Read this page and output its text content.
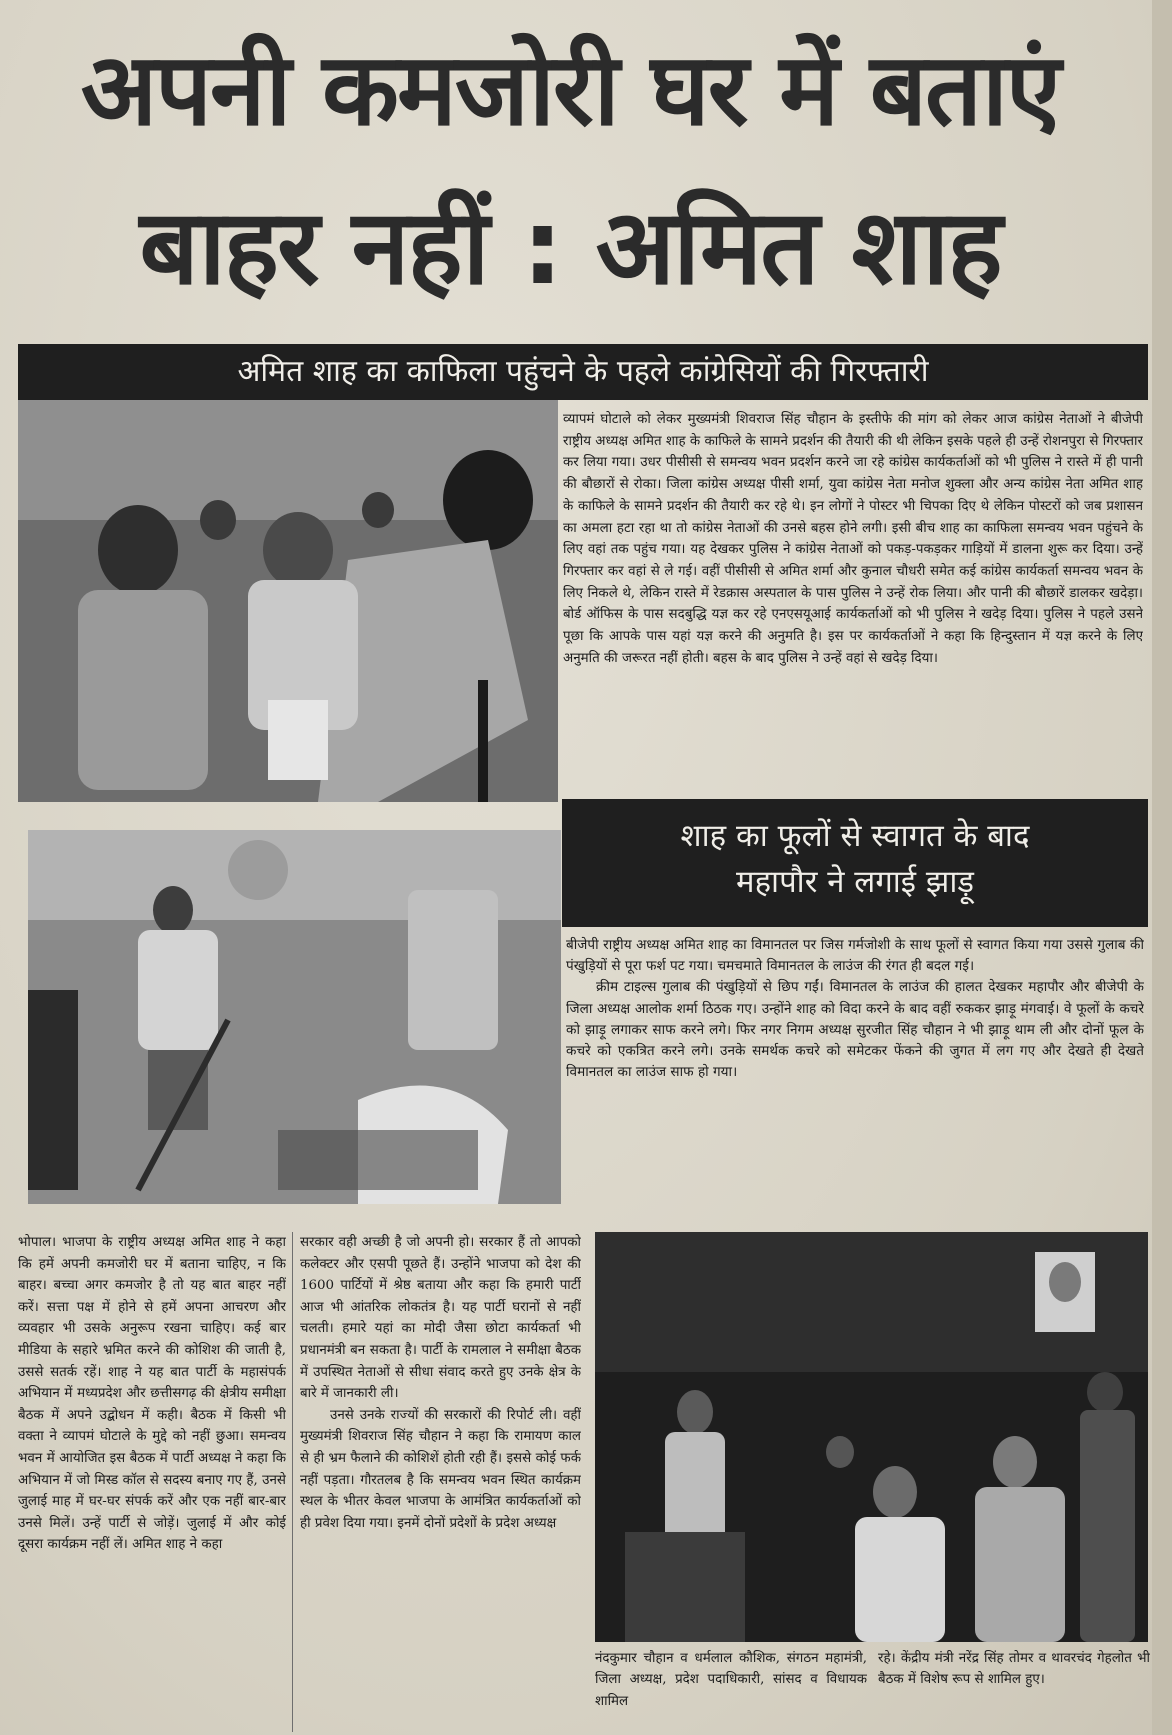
अपनी कमजोरी घर में बताएं
बाहर नहीं : अमित शाह
अमित शाह का काफिला पहुंचने के पहले कांग्रेसियों की गिरफ्तारी
व्यापमं घोटाले को लेकर मुख्यमंत्री शिवराज सिंह चौहान के इस्तीफे की मांग को लेकर आज कांग्रेस नेताओं ने बीजेपी राष्ट्रीय अध्यक्ष अमित शाह के काफिले के सामने प्रदर्शन की तैयारी की थी लेकिन इसके पहले ही उन्हें रोशनपुरा से गिरफ्तार कर लिया गया। उधर पीसीसी से समन्वय भवन प्रदर्शन करने जा रहे कांग्रेस कार्यकर्ताओं को भी पुलिस ने रास्ते में ही पानी की बौछारों से रोका। जिला कांग्रेस अध्यक्ष पीसी शर्मा, युवा कांग्रेस नेता मनोज शुक्ला और अन्य कांग्रेस नेता अमित शाह के काफिले के सामने प्रदर्शन की तैयारी कर रहे थे। इन लोगों ने पोस्टर भी चिपका दिए थे लेकिन पोस्टरों को जब प्रशासन का अमला हटा रहा था तो कांग्रेस नेताओं की उनसे बहस होने लगी। इसी बीच शाह का काफिला समन्वय भवन पहुंचने के लिए वहां तक पहुंच गया। यह देखकर पुलिस ने कांग्रेस नेताओं को पकड़-पकड़कर गाड़ियों में डालना शुरू कर दिया। उन्हें गिरफ्तार कर वहां से ले गई। वहीं पीसीसी से अमित शर्मा और कुनाल चौधरी समेत कई कांग्रेस कार्यकर्ता समन्वय भवन के लिए निकले थे, लेकिन रास्ते में रेडक्रास अस्पताल के पास पुलिस ने उन्हें रोक लिया। और पानी की बौछारें डालकर खदेड़ा। बोर्ड ऑफिस के पास सदबुद्धि यज्ञ कर रहे एनएसयूआई कार्यकर्ताओं को भी पुलिस ने खदेड़ दिया। पुलिस ने पहले उसने पूछा कि आपके पास यहां यज्ञ करने की अनुमति है। इस पर कार्यकर्ताओं ने कहा कि हिन्दुस्तान में यज्ञ करने के लिए अनुमति की जरूरत नहीं होती। बहस के बाद पुलिस ने उन्हें वहां से खदेड़ दिया।
शाह का फूलों से स्वागत के बाद
महापौर ने लगाई झाड़ू

बीजेपी राष्ट्रीय अध्यक्ष अमित शाह का विमानतल पर जिस गर्मजोशी के साथ फूलों से स्वागत किया गया उससे गुलाब की पंखुड़ियों से पूरा फर्श पट गया। चमचमाते विमानतल के लाउंज की रंगत ही बदल गई।

क्रीम टाइल्स गुलाब की पंखुड़ियों से छिप गईं। विमानतल के लाउंज की हालत देखकर महापौर और बीजेपी के जिला अध्यक्ष आलोक शर्मा ठिठक गए। उन्होंने शाह को विदा करने के बाद वहीं रुककर झाड़ू मंगवाई। वे फूलों के कचरे को झाड़ू लगाकर साफ करने लगे। फिर नगर निगम अध्यक्ष सुरजीत सिंह चौहान ने भी झाड़ू थाम ली और दोनों फूल के कचरे को एकत्रित करने लगे। उनके समर्थक कचरे को समेटकर फेंकने की जुगत में लग गए और देखते ही देखते विमानतल का लाउंज साफ हो गया।

भोपाल। भाजपा के राष्ट्रीय अध्यक्ष अमित शाह ने कहा कि हमें अपनी कमजोरी घर में बताना चाहिए, न कि बाहर। बच्चा अगर कमजोर है तो यह बात बाहर नहीं करें। सत्ता पक्ष में होने से हमें अपना आचरण और व्यवहार भी उसके अनुरूप रखना चाहिए। कई बार मीडिया के सहारे भ्रमित करने की कोशिश की जाती है, उससे सतर्क रहें। शाह ने यह बात पार्टी के महासंपर्क अभियान में मध्यप्रदेश और छत्तीसगढ़ की क्षेत्रीय समीक्षा बैठक में अपने उद्बोधन में कही। बैठक में किसी भी वक्ता ने व्यापमं घोटाले के मुद्दे को नहीं छुआ। समन्वय भवन में आयोजित इस बैठक में पार्टी अध्यक्ष ने कहा कि अभियान में जो मिस्ड कॉल से सदस्य बनाए गए हैं, उनसे जुलाई माह में घर-घर संपर्क करें और एक नहीं बार-बार उनसे मिलें। उन्हें पार्टी से जोड़ें। जुलाई में और कोई दूसरा कार्यक्रम नहीं लें। अमित शाह ने कहा

सरकार वही अच्छी है जो अपनी हो। सरकार हैं तो आपको कलेक्टर और एसपी पूछते हैं। उन्होंने भाजपा को देश की 1600 पार्टियों में श्रेष्ठ बताया और कहा कि हमारी पार्टी आज भी आंतरिक लोकतंत्र है। यह पार्टी घरानों से नहीं चलती। हमारे यहां का मोदी जैसा छोटा कार्यकर्ता भी प्रधानमंत्री बन सकता है। पार्टी के रामलाल ने समीक्षा बैठक में उपस्थित नेताओं से सीधा संवाद करते हुए उनके क्षेत्र के बारे में जानकारी ली।

उनसे उनके राज्यों की सरकारों की रिपोर्ट ली। वहीं मुख्यमंत्री शिवराज सिंह चौहान ने कहा कि रामायण काल से ही भ्रम फैलाने की कोशिशें होती रही हैं। इससे कोई फर्क नहीं पड़ता। गौरतलब है कि समन्वय भवन स्थित कार्यक्रम स्थल के भीतर केवल भाजपा के आमंत्रित कार्यकर्ताओं को ही प्रवेश दिया गया। इनमें दोनों प्रदेशों के प्रदेश अध्यक्ष

नंदकुमार चौहान व धर्मलाल कौशिक, संगठन महामंत्री, जिला अध्यक्ष, प्रदेश पदाधिकारी, सांसद व विधायक शामिल
रहे। केंद्रीय मंत्री नरेंद्र सिंह तोमर व थावरचंद गेहलोत भी बैठक में विशेष रूप से शामिल हुए।
